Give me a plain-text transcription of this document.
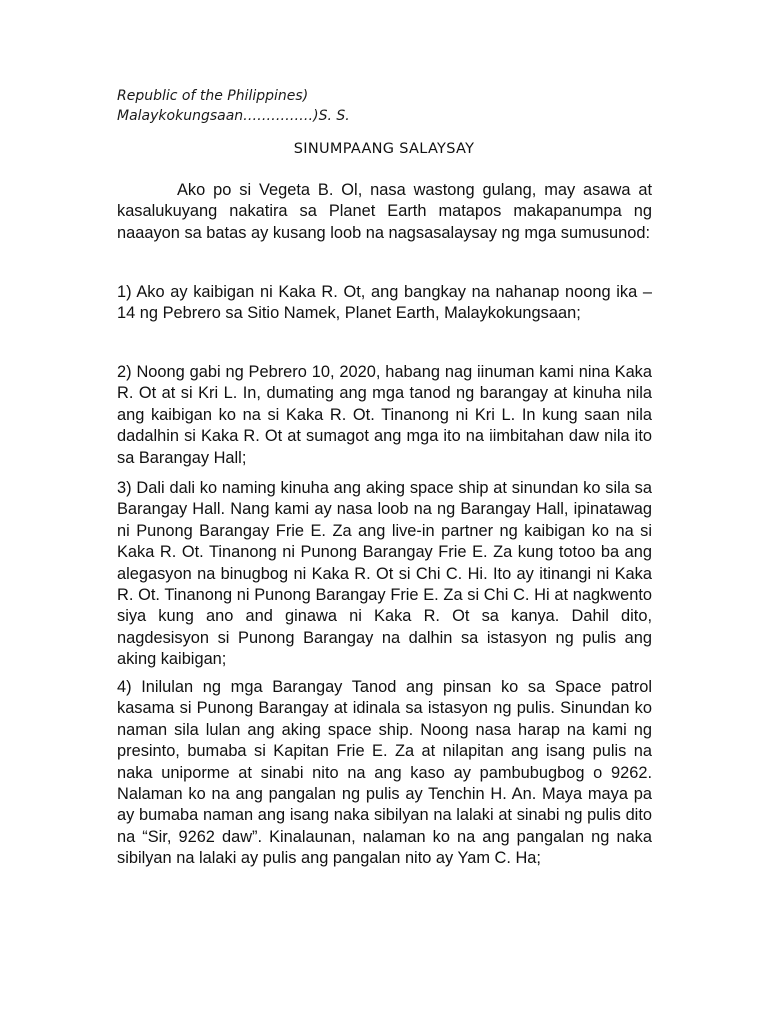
Republic of the Philippines)
Malaykokungsaan……………)S. S.
SINUMPAANG SALAYSAY
Ako po si Vegeta B. Ol, nasa wastong gulang, may asawa at kasalukuyang nakatira sa Planet Earth matapos makapanumpa ng naaayon sa batas ay kusang loob na nagsasalaysay ng mga sumusunod:
1) Ako ay kaibigan ni Kaka R. Ot, ang bangkay na nahanap noong ika – 14 ng Pebrero sa Sitio Namek, Planet Earth, Malaykokungsaan;
2) Noong gabi ng Pebrero 10, 2020, habang nag iinuman kami nina Kaka R. Ot at si Kri L. In, dumating ang mga tanod ng barangay at kinuha nila ang kaibigan ko na si Kaka R. Ot. Tinanong ni Kri L. In kung saan nila dadalhin si Kaka R. Ot at sumagot ang mga ito na iimbitahan daw nila ito sa Barangay Hall;
3) Dali dali ko naming kinuha ang aking space ship at sinundan ko sila sa Barangay Hall. Nang kami ay nasa loob na ng Barangay Hall, ipinatawag ni Punong Barangay Frie E. Za ang live-in partner ng kaibigan ko na si Kaka R. Ot. Tinanong ni Punong Barangay Frie E. Za kung totoo ba ang alegasyon na binugbog ni Kaka R. Ot si Chi C. Hi. Ito ay itinangi ni Kaka R. Ot. Tinanong ni Punong Barangay Frie E. Za si Chi C. Hi at nagkwento siya kung ano and ginawa ni Kaka R. Ot sa kanya. Dahil dito, nagdesisyon si Punong Barangay na dalhin sa istasyon ng pulis ang aking kaibigan;
4) Inilulan ng mga Barangay Tanod ang pinsan ko sa Space patrol kasama si Punong Barangay at idinala sa istasyon ng pulis. Sinundan ko naman sila lulan ang aking space ship. Noong nasa harap na kami ng presinto, bumaba si Kapitan Frie E. Za at nilapitan ang isang pulis na naka uniporme at sinabi nito na ang kaso ay pambubugbog o 9262. Nalaman ko na ang pangalan ng pulis ay Tenchin H. An. Maya maya pa ay bumaba naman ang isang naka sibilyan na lalaki at sinabi ng pulis dito na “Sir, 9262 daw”. Kinalaunan, nalaman ko na ang pangalan ng naka sibilyan na lalaki ay pulis ang pangalan nito ay Yam C. Ha;
